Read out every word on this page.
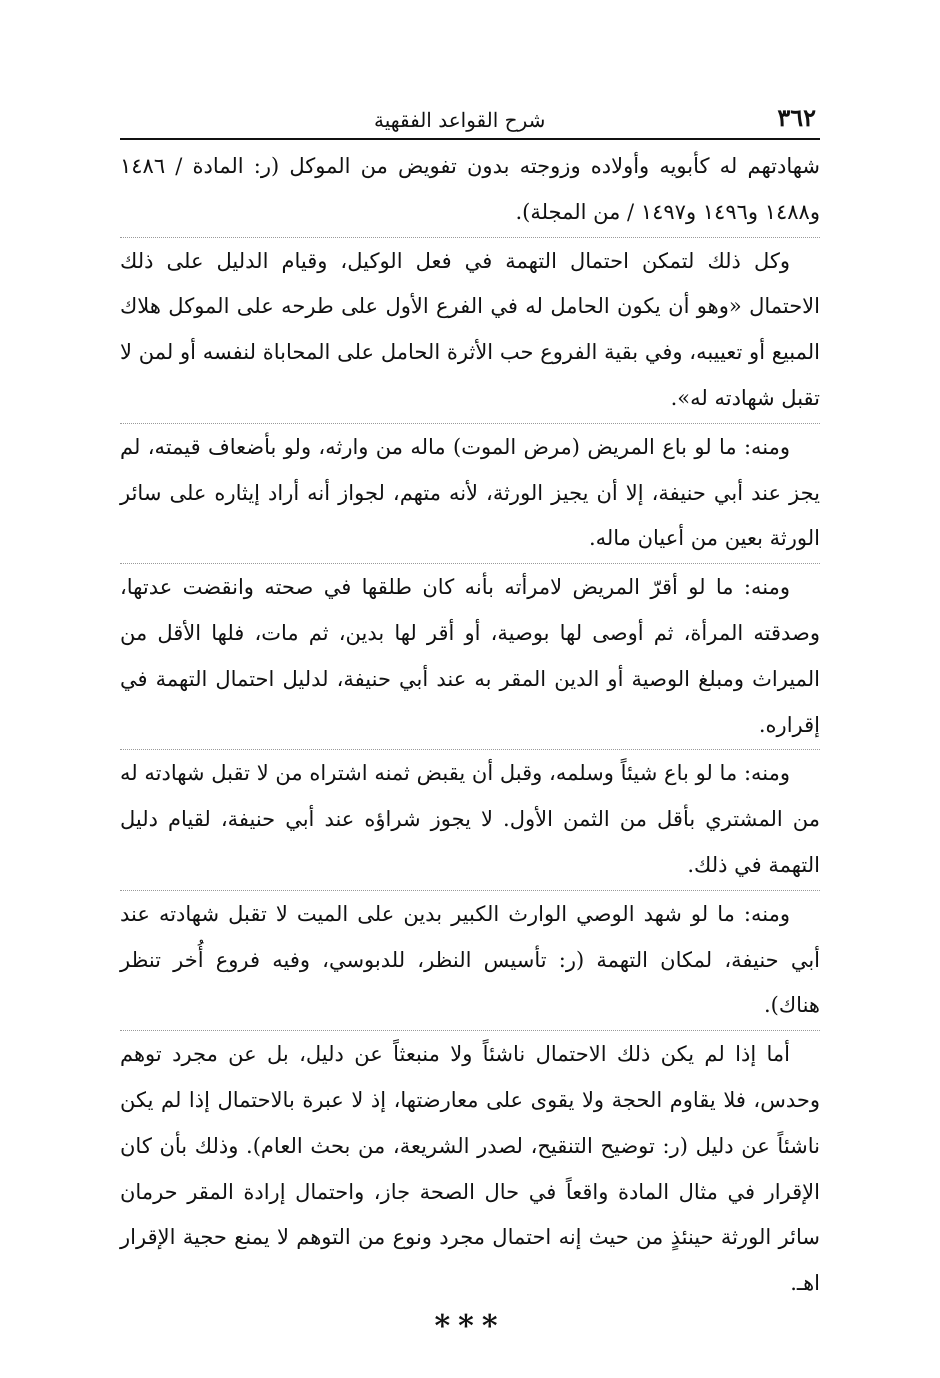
٣٦٢
شرح القواعد الفقهية

شهادتهم له كأبويه وأولاده وزوجته بدون تفويض من الموكل (ر: المادة / ١٤٨٦ و١٤٨٨ و١٤٩٦ و١٤٩٧ / من المجلة).

وكل ذلك لتمكن احتمال التهمة في فعل الوكيل، وقيام الدليل على ذلك الاحتمال «وهو أن يكون الحامل له في الفرع الأول على طرحه على الموكل هلاك المبيع أو تعييبه، وفي بقية الفروع حب الأثرة الحامل على المحاباة لنفسه أو لمن لا تقبل شهادته له».

ومنه: ما لو باع المريض (مرض الموت) ماله من وارثه، ولو بأضعاف قيمته، لم يجز عند أبي حنيفة، إلا أن يجيز الورثة، لأنه متهم، لجواز أنه أراد إيثاره على سائر الورثة بعين من أعيان ماله.

ومنه: ما لو أقرّ المريض لامرأته بأنه كان طلقها في صحته وانقضت عدتها، وصدقته المرأة، ثم أوصى لها بوصية، أو أقر لها بدين، ثم مات، فلها الأقل من الميراث ومبلغ الوصية أو الدين المقر به عند أبي حنيفة، لدليل احتمال التهمة في إقراره.

ومنه: ما لو باع شيئاً وسلمه، وقبل أن يقبض ثمنه اشتراه من لا تقبل شهادته له من المشتري بأقل من الثمن الأول. لا يجوز شراؤه عند أبي حنيفة، لقيام دليل التهمة في ذلك.

ومنه: ما لو شهد الوصي الوارث الكبير بدين على الميت لا تقبل شهادته عند أبي حنيفة، لمكان التهمة (ر: تأسيس النظر، للدبوسي، وفيه فروع أُخر تنظر هناك).

أما إذا لم يكن ذلك الاحتمال ناشئاً ولا منبعثاً عن دليل، بل عن مجرد توهم وحدس، فلا يقاوم الحجة ولا يقوى على معارضتها، إذ لا عبرة بالاحتمال إذا لم يكن ناشئاً عن دليل (ر: توضيح التنقيح، لصدر الشريعة، من بحث العام). وذلك بأن كان الإقرار في مثال المادة واقعاً في حال الصحة جاز، واحتمال إرادة المقر حرمان سائر الورثة حينئذٍ من حيث إنه احتمال مجرد ونوع من التوهم لا يمنع حجية الإقرار اهـ.

***
